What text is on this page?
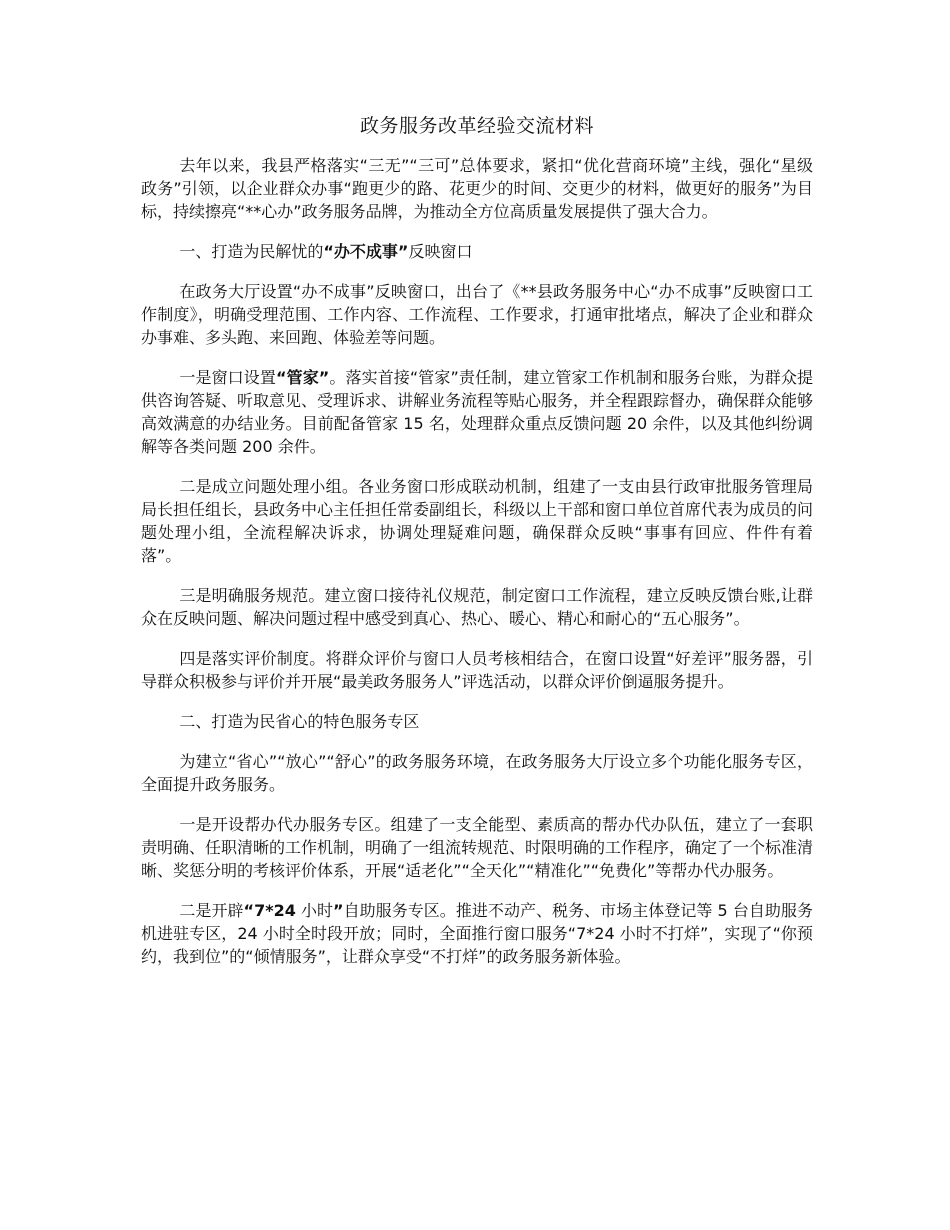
政务服务改革经验交流材料

去年以来，我县严格落实“三无”“三可”总体要求，紧扣“优化营商环境”主线，强化“星级政务”引领，以企业群众办事“跑更少的路、花更少的时间、交更少的材料，做更好的服务”为目标，持续擦亮“**心办”政务服务品牌，为推动全方位高质量发展提供了强大合力。

一、打造为民解忧的“办不成事”反映窗口

在政务大厅设置“办不成事”反映窗口，出台了《**县政务服务中心“办不成事”反映窗口工作制度》，明确受理范围、工作内容、工作流程、工作要求，打通审批堵点，解决了企业和群众办事难、多头跑、来回跑、体验差等问题。

一是窗口设置“管家”。落实首接“管家”责任制，建立管家工作机制和服务台账，为群众提供咨询答疑、听取意见、受理诉求、讲解业务流程等贴心服务，并全程跟踪督办，确保群众能够高效满意的办结业务。目前配备管家 15 名，处理群众重点反馈问题 20 余件，以及其他纠纷调解等各类问题 200 余件。

二是成立问题处理小组。各业务窗口形成联动机制，组建了一支由县行政审批服务管理局局长担任组长，县政务中心主任担任常委副组长，科级以上干部和窗口单位首席代表为成员的问题处理小组，全流程解决诉求，协调处理疑难问题，确保群众反映“事事有回应、件件有着落”。

三是明确服务规范。建立窗口接待礼仪规范，制定窗口工作流程，建立反映反馈台账,让群众在反映问题、解决问题过程中感受到真心、热心、暖心、精心和耐心的“五心服务”。

四是落实评价制度。将群众评价与窗口人员考核相结合，在窗口设置“好差评”服务器，引导群众积极参与评价并开展“最美政务服务人”评选活动，以群众评价倒逼服务提升。

二、打造为民省心的特色服务专区

为建立“省心”“放心”“舒心”的政务服务环境，在政务服务大厅设立多个功能化服务专区，全面提升政务服务。

一是开设帮办代办服务专区。组建了一支全能型、素质高的帮办代办队伍，建立了一套职责明确、任职清晰的工作机制，明确了一组流转规范、时限明确的工作程序，确定了一个标准清晰、奖惩分明的考核评价体系，开展“适老化”“全天化”“精准化”“免费化”等帮办代办服务。

二是开辟“7*24 小时”自助服务专区。推进不动产、税务、市场主体登记等 5 台自助服务机进驻专区，24 小时全时段开放；同时，全面推行窗口服务“7*24 小时不打烊”，实现了“你预约，我到位”的“倾情服务”，让群众享受“不打烊”的政务服务新体验。
